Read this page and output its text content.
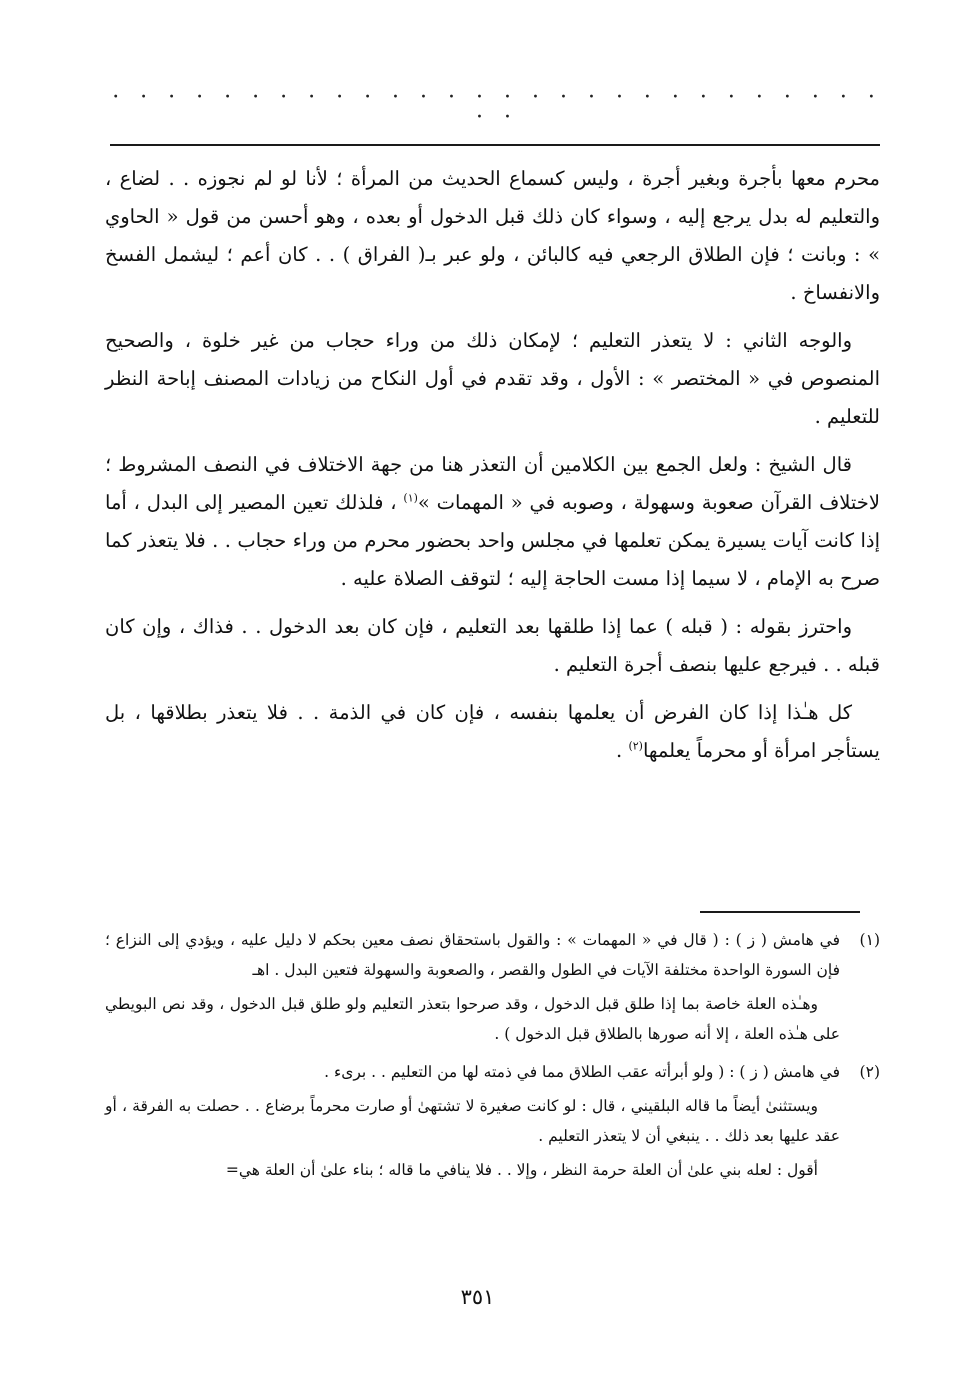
· · · · · · · · · · · · · · · · · · · · · · · · · · · · · ·

محرم معها بأجرة وبغير أجرة ، وليس كسماع الحديث من المرأة ؛ لأنا لو لم نجوزه . . لضاع ، والتعليم له بدل يرجع إليه ، وسواء كان ذلك قبل الدخول أو بعده ، وهو أحسن من قول « الحاوي » : وبانت ؛ فإن الطلاق الرجعي فيه كالبائن ، ولو عبر بـ( الفراق ) . . كان أعم ؛ ليشمل الفسخ والانفساخ .

والوجه الثاني : لا يتعذر التعليم ؛ لإمكان ذلك من وراء حجاب من غير خلوة ، والصحيح المنصوص في « المختصر » : الأول ، وقد تقدم في أول النكاح من زيادات المصنف إباحة النظر للتعليم .

قال الشيخ : ولعل الجمع بين الكلامين أن التعذر هنا من جهة الاختلاف في النصف المشروط ؛ لاختلاف القرآن صعوبة وسهولة ، وصوبه في « المهمات »$^{(١)}$ ، فلذلك تعين المصير إلى البدل ، أما إذا كانت آيات يسيرة يمكن تعلمها في مجلس واحد بحضور محرم من وراء حجاب . . فلا يتعذر كما صرح به الإمام ، لا سيما إذا مست الحاجة إليه ؛ لتوقف الصلاة عليه .

واحترز بقوله : ( قبله ) عما إذا طلقها بعد التعليم ، فإن كان بعد الدخول . . فذاك ، وإن كان قبله . . فيرجع عليها بنصف أجرة التعليم .

كل هـٰذا إذا كان الفرض أن يعلمها بنفسه ، فإن كان في الذمة . . فلا يتعذر بطلاقها ، بل يستأجر امرأة أو محرماً يعلمها$^{(٢)}$ .

(١)

في هامش ( ز ) : ( قال في « المهمات » : والقول باستحقاق نصف معين بحكم لا دليل عليه ، ويؤدي إلى النزاع ؛ فإن السورة الواحدة مختلفة الآيات في الطول والقصر ، والصعوبة والسهولة فتعين البدل . اهـ

وهـٰذه العلة خاصة بما إذا طلق قبل الدخول ، وقد صرحوا بتعذر التعليم ولو طلق قبل الدخول ، وقد نص البويطي على هـٰذه العلة ، إلا أنه صورها بالطلاق قبل الدخول ) .

(٢)

في هامش ( ز ) : ( ولو أبرأته عقب الطلاق مما في ذمته لها من التعليم . . برىء .

ويستثنىٰ أيضاً ما قاله البلقيني ، قال : لو كانت صغيرة لا تشتهىٰ أو صارت محرماً برضاع . . حصلت به الفرقة ، أو عقد عليها بعد ذلك . . ينبغي أن لا يتعذر التعليم .

أقول : لعله بني علىٰ أن العلة حرمة النظر ، وإلا . . فلا ينافي ما قاله ؛ بناء علىٰ أن العلة هي=

٣٥١
